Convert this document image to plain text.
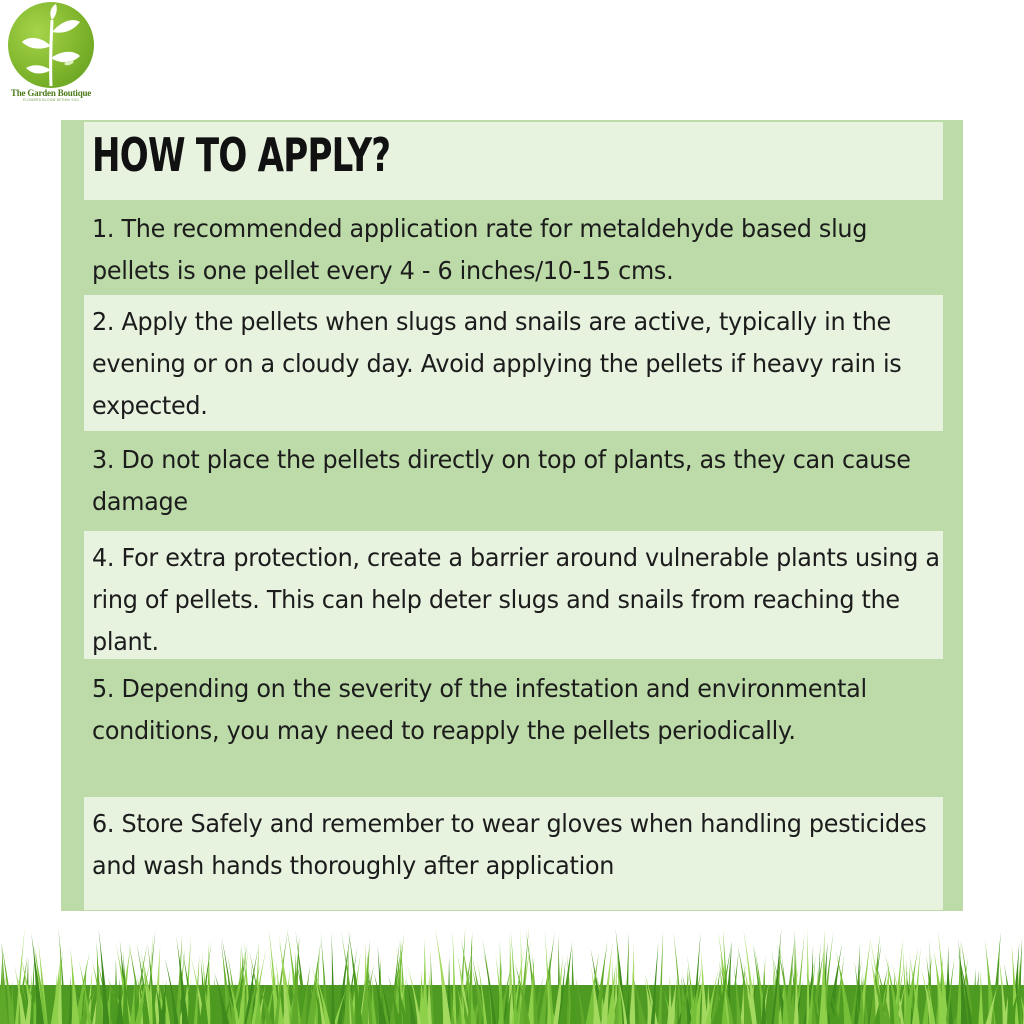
The Garden Boutique
FLOWERS BLOOM WITHIN YOU
HOW TO APPLY?
1. The recommended application rate for metaldehyde based slug pellets is one pellet every 4 - 6 inches/10-15 cms.
2. Apply the pellets when slugs and snails are active, typically in the evening or on a cloudy day. Avoid applying the pellets if heavy rain is expected.
3. Do not place the pellets directly on top of plants, as they can cause damage
4. For extra protection, create a barrier around vulnerable plants using a ring of pellets. This can help deter slugs and snails from reaching the plant.
5. Depending on the severity of the infestation and environmental conditions, you may need to reapply the pellets periodically.
6. Store Safely and remember to wear gloves when handling pesticides and wash hands thoroughly after application
